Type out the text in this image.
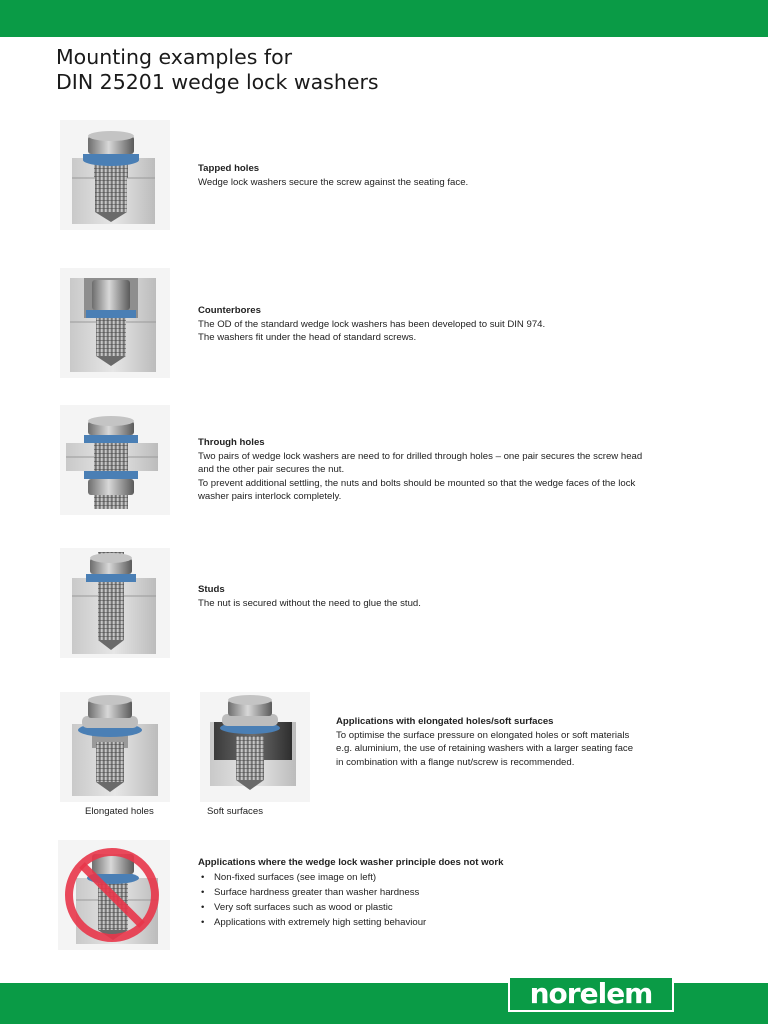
Mounting examples for
DIN 25201 wedge lock washers
Tapped holes
Wedge lock washers secure the screw against the seating face.
Counterbores
The OD of the standard wedge lock washers has been developed to suit DIN 974.
The washers fit under the head of standard screws.
Through holes
Two pairs of wedge lock washers are need to for drilled through holes – one pair secures the screw head
and the other pair secures the nut.
To prevent additional settling, the nuts and bolts should be mounted so that the wedge faces of the lock
washer pairs interlock completely.
Studs
The nut is secured without the need to glue the stud.
Elongated holes	Soft surfaces
Applications with elongated holes/soft surfaces
To optimise the surface pressure on elongated holes or soft materials
e.g. aluminium, the use of retaining washers with a larger seating face
in combination with a flange nut/screw is recommended.
Applications where the wedge lock washer principle does not work
• Non-fixed surfaces (see image on left)
• Surface hardness greater than washer hardness
• Very soft surfaces such as wood or plastic
• Applications with extremely high setting behaviour
norelem
